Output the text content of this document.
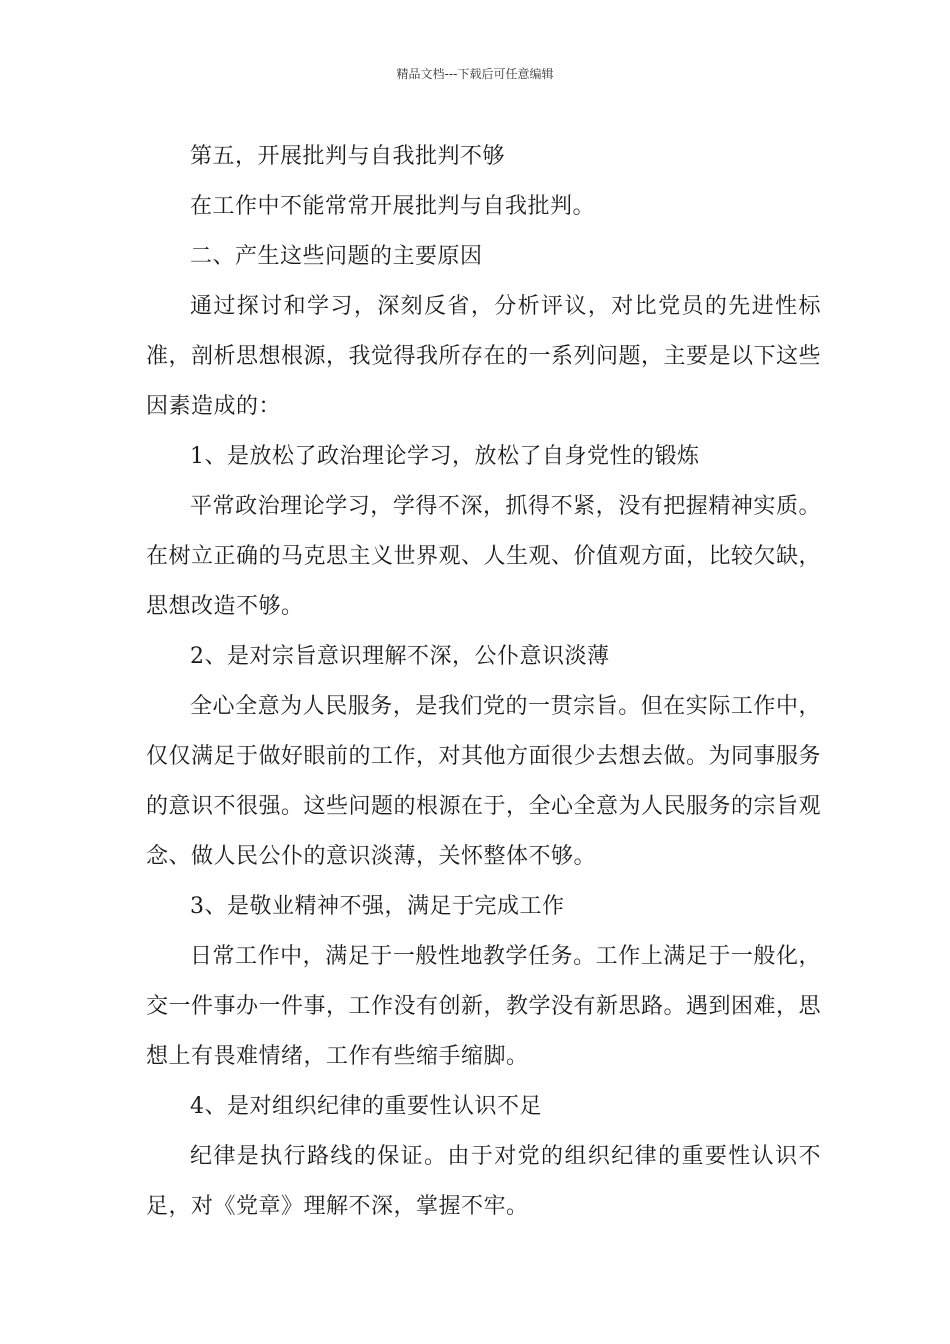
精品文档---下载后可任意编辑

第五，开展批判与自我批判不够

在工作中不能常常开展批判与自我批判。

二、产生这些问题的主要原因

通过探讨和学习，深刻反省，分析评议，对比党员的先进性标准，剖析思想根源，我觉得我所存在的一系列问题，主要是以下这些因素造成的：

1、是放松了政治理论学习，放松了自身党性的锻炼

平常政治理论学习，学得不深，抓得不紧，没有把握精神实质。在树立正确的马克思主义世界观、人生观、价值观方面，比较欠缺，思想改造不够。

2、是对宗旨意识理解不深，公仆意识淡薄

全心全意为人民服务，是我们党的一贯宗旨。但在实际工作中，仅仅满足于做好眼前的工作，对其他方面很少去想去做。为同事服务的意识不很强。这些问题的根源在于，全心全意为人民服务的宗旨观念、做人民公仆的意识淡薄，关怀整体不够。

3、是敬业精神不强，满足于完成工作

日常工作中，满足于一般性地教学任务。工作上满足于一般化，交一件事办一件事，工作没有创新，教学没有新思路。遇到困难，思想上有畏难情绪，工作有些缩手缩脚。

4、是对组织纪律的重要性认识不足

纪律是执行路线的保证。由于对党的组织纪律的重要性认识不足，对《党章》理解不深，掌握不牢。
